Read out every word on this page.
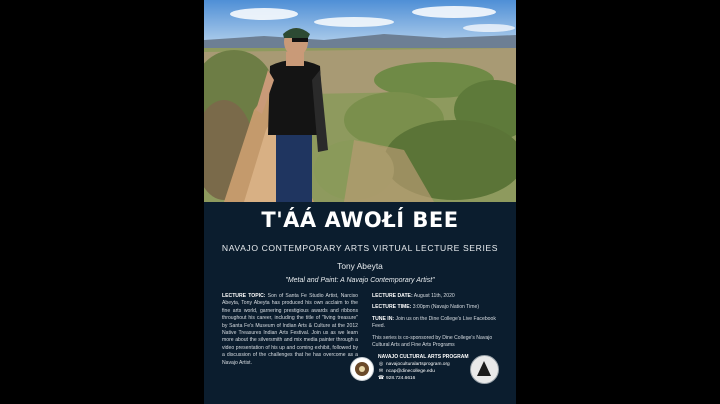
T'ÁÁ AWOŁÍ BEE
NAVAJO CONTEMPORARY ARTS VIRTUAL LECTURE SERIES
Tony Abeyta
"Metal and Paint: A Navajo Contemporary Artist"
LECTURE TOPIC: Son of Santa Fe Studio Artist, Narciso Abeyta, Tony Abeyta has produced his own acclaim to the fine arts world, garnering prestigious awards and ribbons throughout his career, including the title of "living treasure" by Santa Fe's Museum of Indian Arts & Culture at the 2012 Native Treasures Indian Arts Festival. Join us as we learn more about the silversmith and mix media painter through a video presentation of his up and coming exhibit, followed by a discussion of the challenges that he has overcome as a Navajo Artist.
LECTURE DATE: August 11th, 2020
LECTURE TIME: 3:00pm (Navajo Nation Time)
TUNE IN: Join us on the Dine College's Live Facebook Feed.
This series is co-sponsored by Dine College's Navajo Cultural Arts and Fine Arts Programs
NAVAJO CULTURAL ARTS PROGRAM
◎ navajoculturalartsprogram.org
✉ ncap@dinecollege.edu
☎ 928.724.6616
